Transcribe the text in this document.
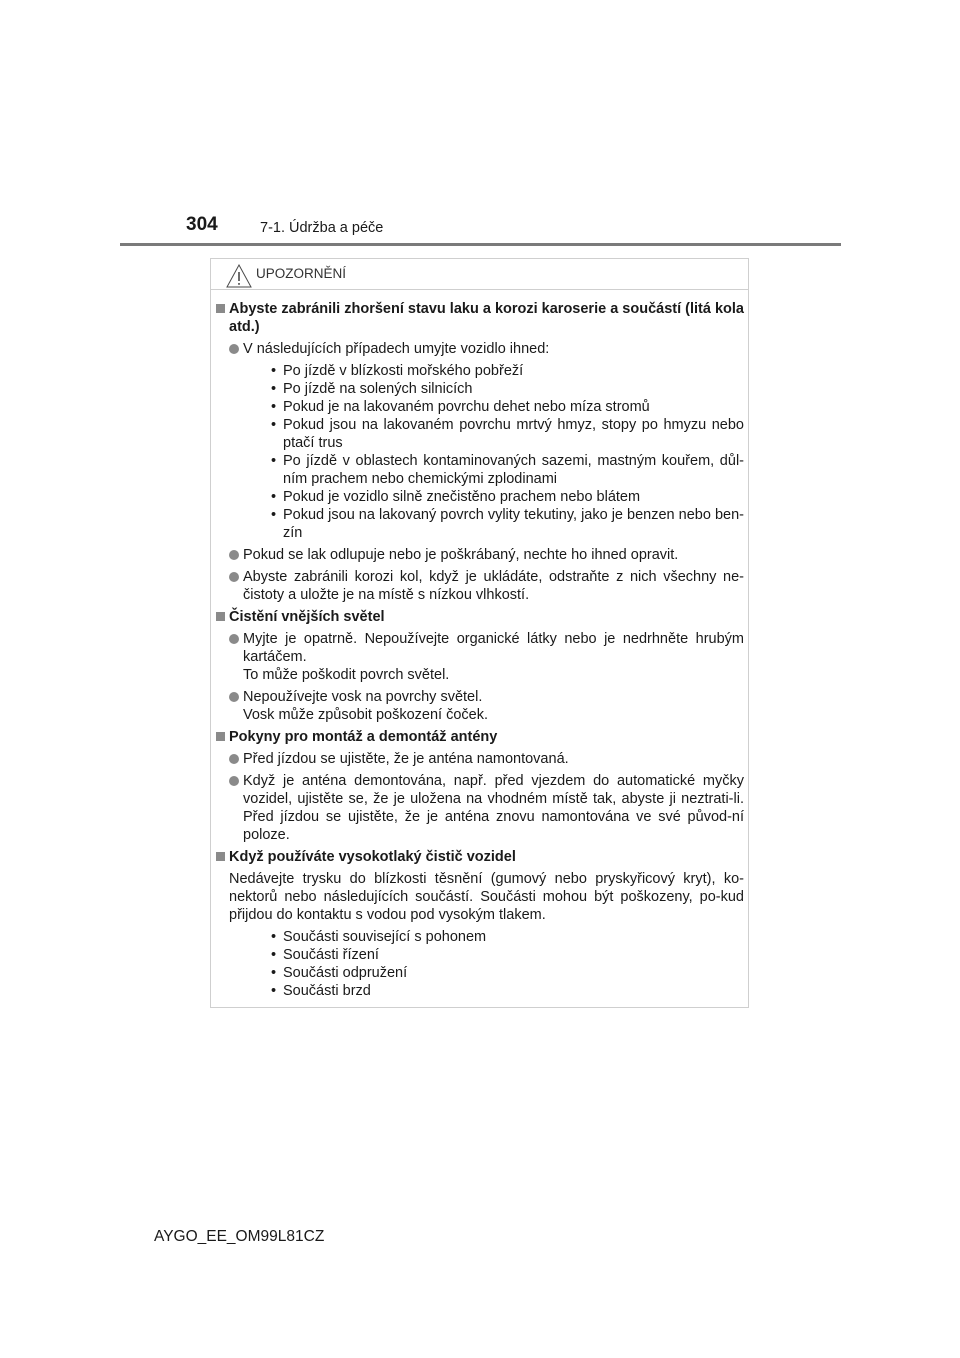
304	7-1. Údržba a péče
UPOZORNĚNÍ
Abyste zabránili zhoršení stavu laku a korozi karoserie a součástí (litá kola atd.)
V následujících případech umyjte vozidlo ihned:
• Po jízdě v blízkosti mořského pobřeží
• Po jízdě na solených silnicích
• Pokud je na lakovaném povrchu dehet nebo míza stromů
• Pokud jsou na lakovaném povrchu mrtvý hmyz, stopy po hmyzu nebo ptačí trus
• Po jízdě v oblastech kontaminovaných sazemi, mastným kouřem, důl-ním prachem nebo chemickými zplodinami
• Pokud je vozidlo silně znečistěno prachem nebo blátem
• Pokud jsou na lakovaný povrch vylity tekutiny, jako je benzen nebo ben-zín
Pokud se lak odlupuje nebo je poškrábaný, nechte ho ihned opravit.
Abyste zabránili korozi kol, když je ukládáte, odstraňte z nich všechny ne-čistoty a uložte je na místě s nízkou vlhkostí.
Čistění vnějších světel
Myjte je opatrně. Nepoužívejte organické látky nebo je nedrhněte hrubým kartáčem.
To může poškodit povrch světel.
Nepoužívejte vosk na povrchy světel.
Vosk může způsobit poškození čoček.
Pokyny pro montáž a demontáž antény
Před jízdou se ujistěte, že je anténa namontovaná.
Když je anténa demontována, např. před vjezdem do automatické myčky vozidel, ujistěte se, že je uložena na vhodném místě tak, abyste ji neztrati-li. Před jízdou se ujistěte, že je anténa znovu namontována ve své původ-ní poloze.
Když používáte vysokotlaký čistič vozidel
Nedávejte trysku do blízkosti těsnění (gumový nebo pryskyřicový kryt), ko-nektorů nebo následujících součástí. Součásti mohou být poškozeny, po-kud přijdou do kontaktu s vodou pod vysokým tlakem.
• Součásti související s pohonem
• Součásti řízení
• Součásti odpružení
• Součásti brzd
AYGO_EE_OM99L81CZ
